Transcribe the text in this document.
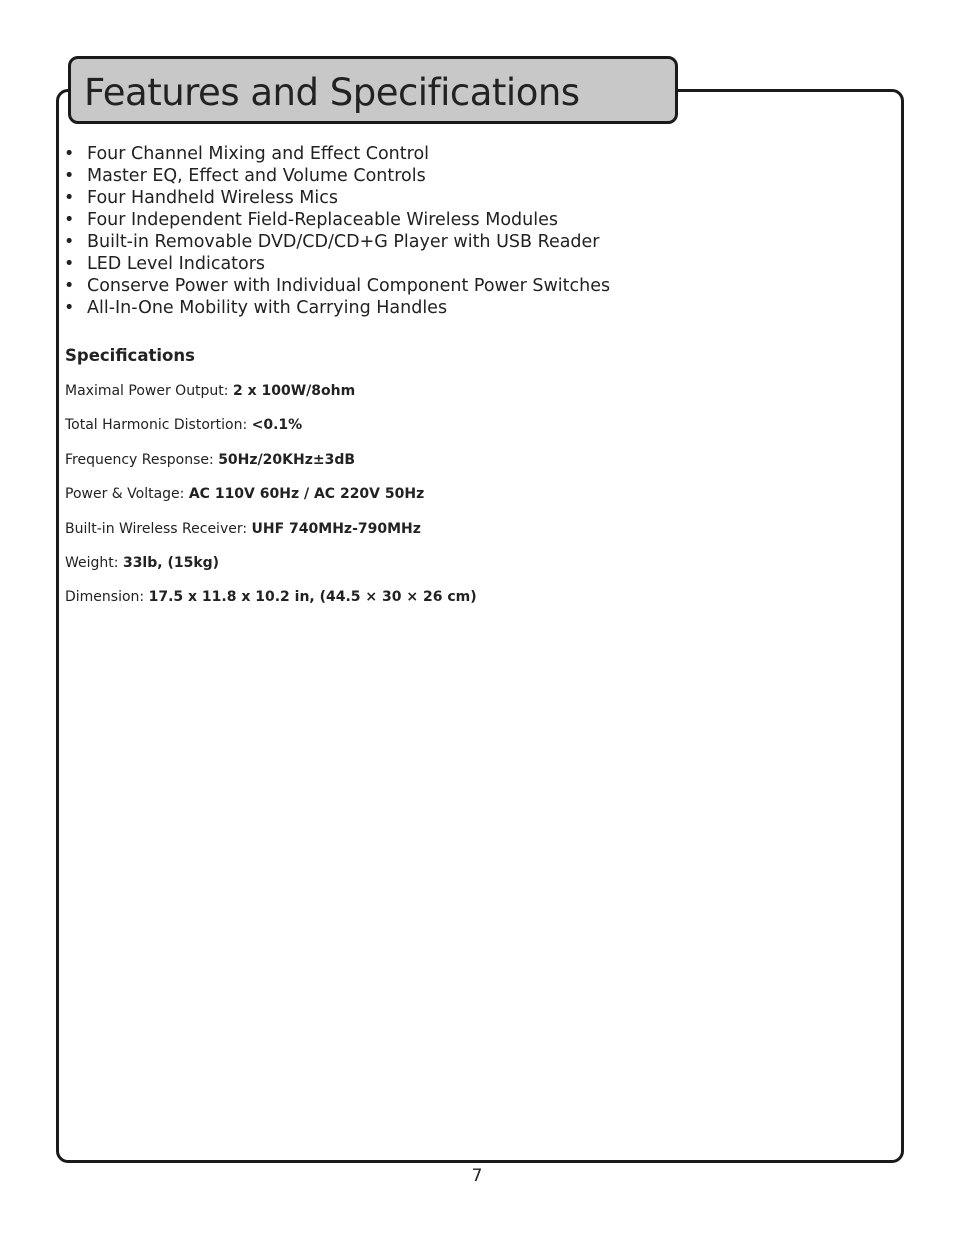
Features and Specifications
• Four Channel Mixing and Effect Control
• Master EQ, Effect and Volume Controls
• Four Handheld Wireless Mics
• Four Independent Field-Replaceable Wireless Modules
• Built-in Removable DVD/CD/CD+G Player with USB Reader
• LED Level Indicators
• Conserve Power with Individual Component Power Switches
• All-In-One Mobility with Carrying Handles
Specifications
Maximal Power Output: 2 x 100W/8ohm
Total Harmonic Distortion: <0.1%
Frequency Response: 50Hz/20KHz±3dB
Power & Voltage: AC 110V 60Hz / AC 220V 50Hz
Built-in Wireless Receiver: UHF 740MHz-790MHz
Weight: 33lb, (15kg)
Dimension: 17.5 x 11.8 x 10.2 in, (44.5 × 30 × 26 cm)
7
